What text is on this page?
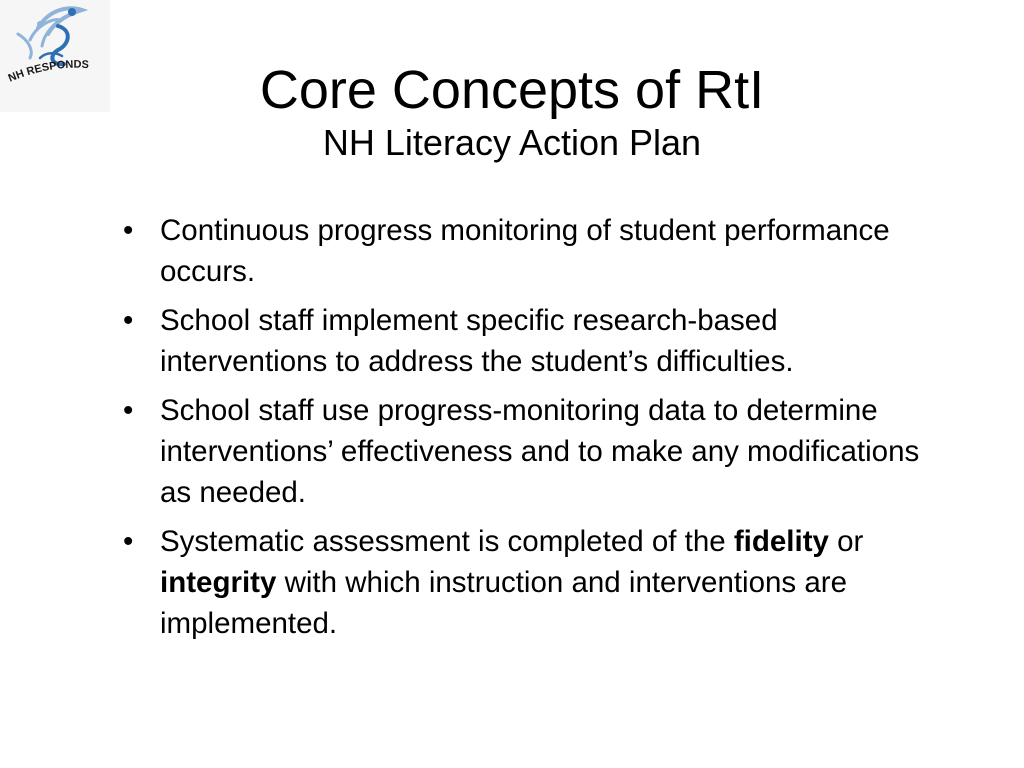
NH RESPONDS	Core Concepts of RtI
NH Literacy Action Plan
• Continuous progress monitoring of student performance occurs.
• School staff implement specific research-based interventions to address the student’s difficulties.
• School staff use progress-monitoring data to determine interventions’ effectiveness and to make any modifications as needed.
• Systematic assessment is completed of the fidelity or integrity with which instruction and interventions are implemented.
